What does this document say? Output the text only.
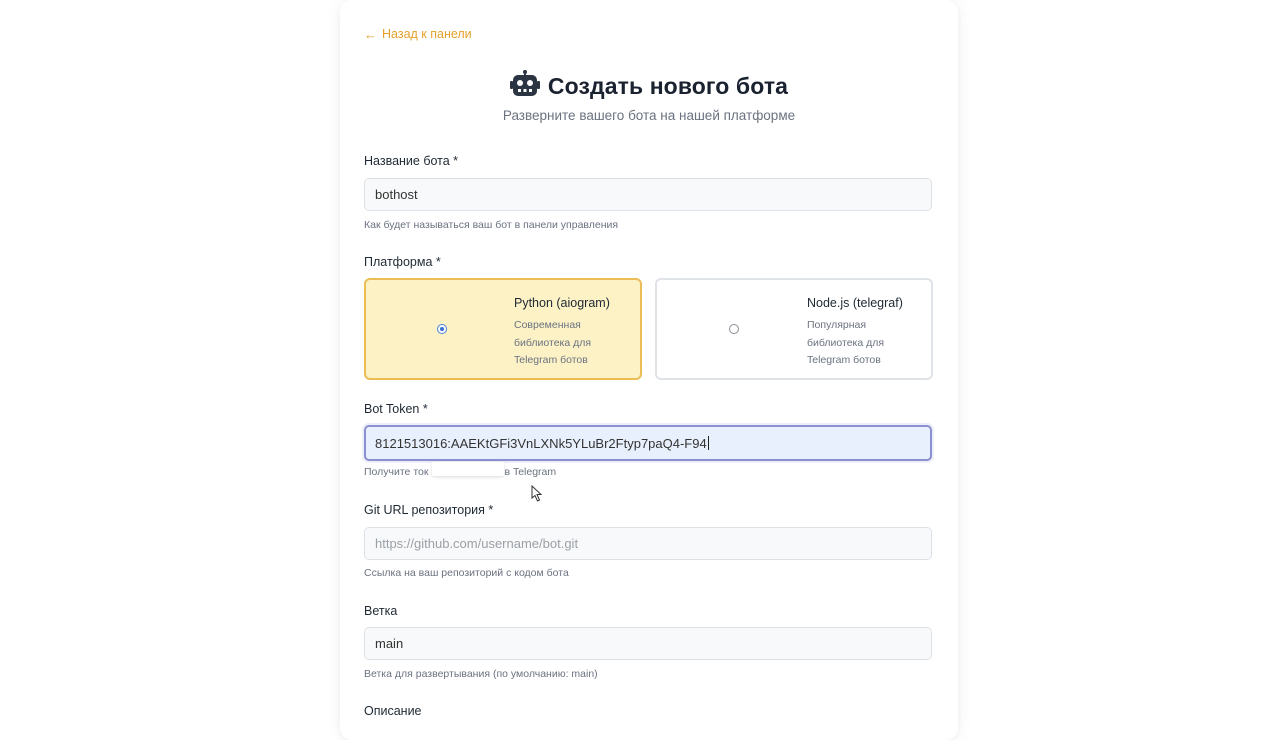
← Назад к панели
Создать нового бота
Разверните вашего бота на нашей платформе
Название бота *
bothost
Как будет называться ваш бот в панели управления
Платформа *
Python (aiogram)
Современная библиотека для Telegram ботов
Node.js (telegraf)
Популярная библиотека для Telegram ботов
Bot Token *
8121513016:AAEKtGFi3VnLXNk5YLuBr2Ftyp7paQ4-F94
Получите ток	в Telegram
Git URL репозитория *
https://github.com/username/bot.git
Ссылка на ваш репозиторий с кодом бота
Ветка
main
Ветка для развертывания (по умолчанию: main)
Описание
